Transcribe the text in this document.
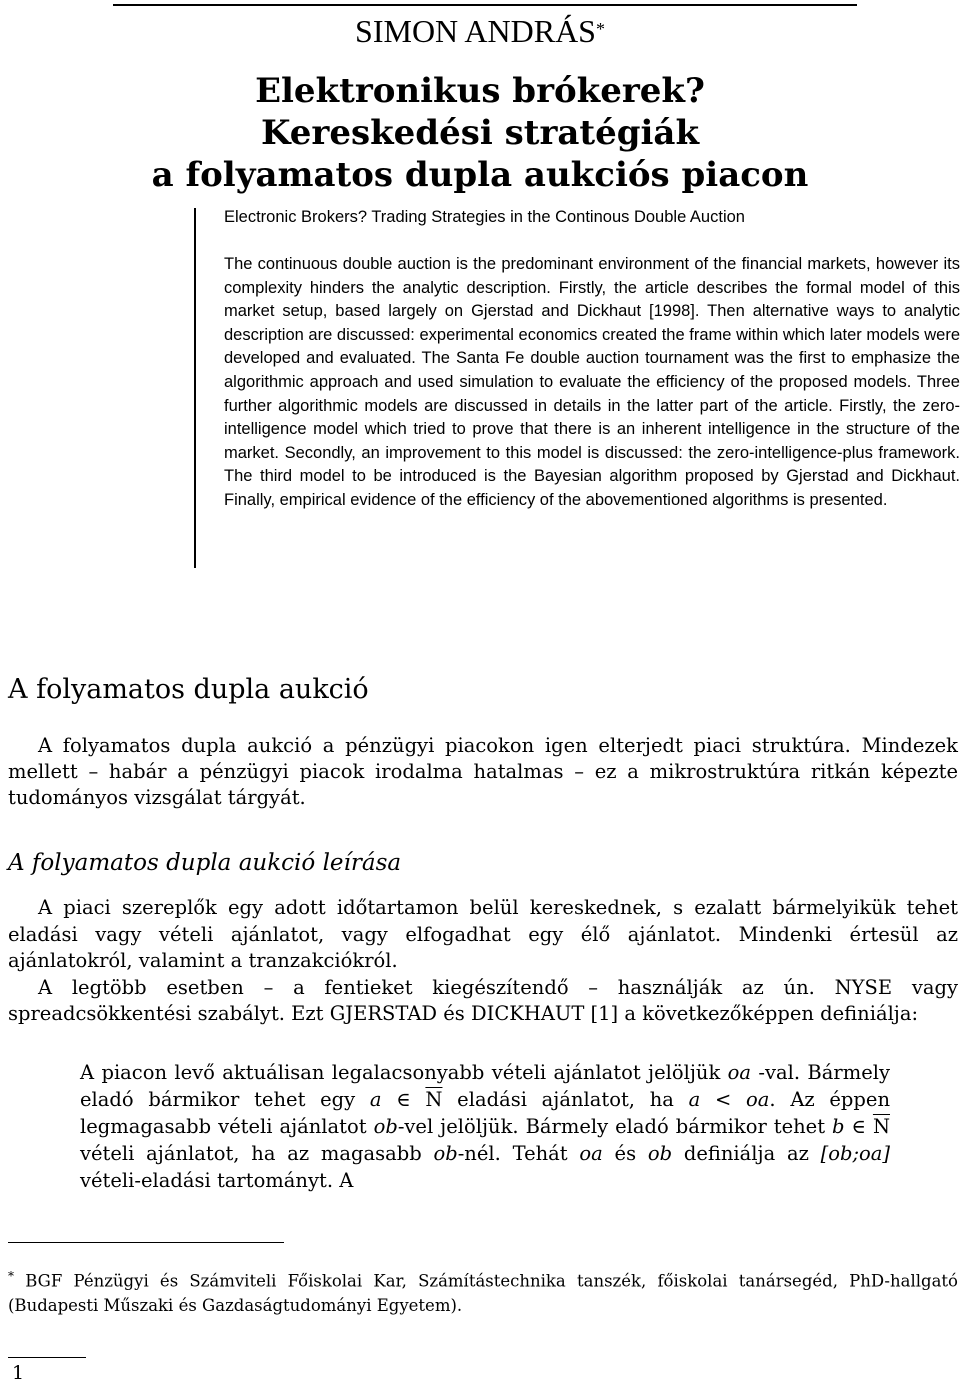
SIMON ANDRÁS*
Elektronikus brókerek?
Kereskedési stratégiák
a folyamatos dupla aukciós piacon
Electronic Brokers? Trading Strategies in the Continous Double Auction
The continuous double auction is the predominant environment of the financial markets, however its complexity hinders the analytic description. Firstly, the article describes the formal model of this market setup, based largely on Gjerstad and Dickhaut [1998]. Then alternative ways to analytic description are discussed: experimental economics created the frame within which later models were developed and evaluated. The Santa Fe double auction tournament was the first to emphasize the algorithmic approach and used simulation to evaluate the efficiency of the proposed models. Three further algorithmic models are discussed in details in the latter part of the article. Firstly, the zero-intelligence model which tried to prove that there is an inherent intelligence in the structure of the market. Secondly, an improvement to this model is discussed: the zero-intelligence-plus framework. The third model to be introduced is the Bayesian algorithm proposed by Gjerstad and Dickhaut. Finally, empirical evidence of the efficiency of the abovementioned algorithms is presented.
A folyamatos dupla aukció
A folyamatos dupla aukció a pénzügyi piacokon igen elterjedt piaci struktúra. Mindezek mellett – habár a pénzügyi piacok irodalma hatalmas – ez a mikrostruktúra ritkán képezte tudományos vizsgálat tárgyát.
A folyamatos dupla aukció leírása
A piaci szereplők egy adott időtartamon belül kereskednek, s ezalatt bármelyikük tehet eladási vagy vételi ajánlatot, vagy elfogadhat egy élő ajánlatot. Mindenki értesül az ajánlatokról, valamint a tranzakciókról.
A legtöbb esetben – a fentieket kiegészítendő – használják az ún. NYSE vagy spreadcsökkentési szabályt. Ezt GJERSTAD és DICKHAUT [1] a következőképpen definiálja:
A piacon levő aktuálisan legalacsonyabb vételi ajánlatot jelöljük oa -val. Bármely eladó bármikor tehet egy a ∈ $\overline{N}$ eladási ajánlatot, ha a < oa. Az éppen legmagasabb vételi ajánlatot ob-vel jelöljük. Bármely eladó bármikor tehet b ∈ $\overline{N}$ vételi ajánlatot, ha az magasabb ob-nél. Tehát oa és ob definiálja az [ob;oa] vételi-eladási tartományt. A
* BGF Pénzügyi és Számviteli Főiskolai Kar, Számítástechnika tanszék, főiskolai tanársegéd, PhD-hallgató (Budapesti Műszaki és Gazdaságtudományi Egyetem).
1
